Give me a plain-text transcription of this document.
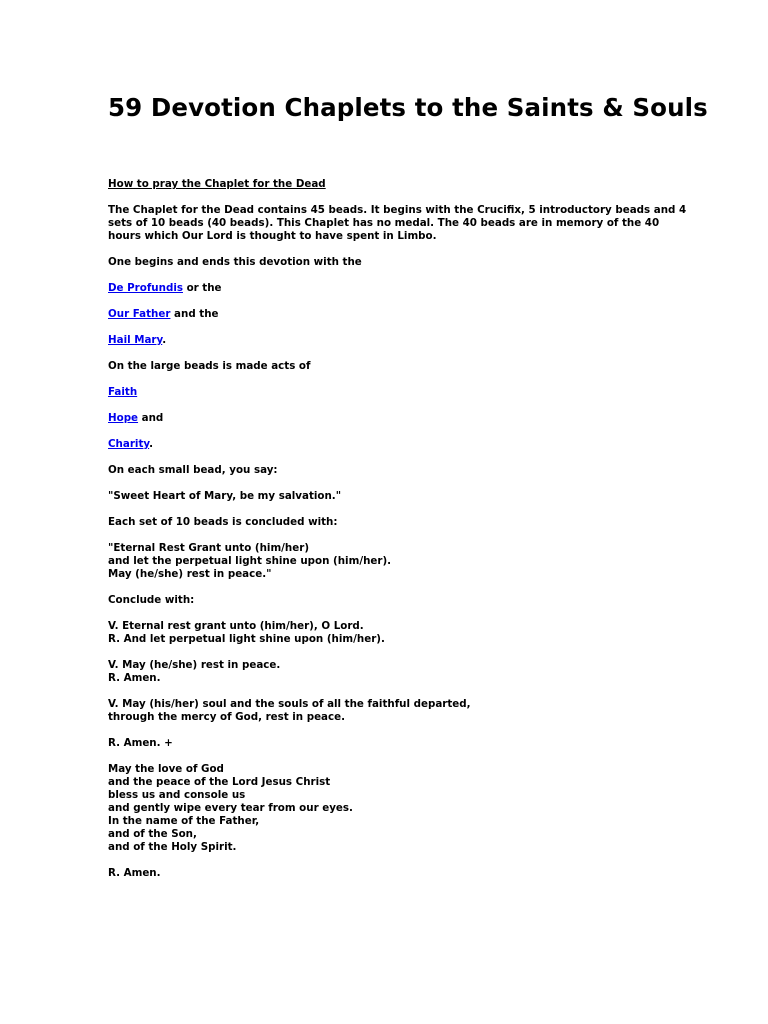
59 Devotion Chaplets to the Saints & Souls

How to pray the Chaplet for the Dead

The Chaplet for the Dead contains 45 beads. It begins with the Crucifix, 5 introductory beads and 4
sets of 10 beads (40 beads). This Chaplet has no medal. The 40 beads are in memory of the 40
hours which Our Lord is thought to have spent in Limbo.

One begins and ends this devotion with the

De Profundis or the

Our Father and the

Hail Mary.

On the large beads is made acts of

Faith

Hope and

Charity.

On each small bead, you say:

"Sweet Heart of Mary, be my salvation."

Each set of 10 beads is concluded with:

"Eternal Rest Grant unto (him/her)
and let the perpetual light shine upon (him/her).
May (he/she) rest in peace."

Conclude with:

V. Eternal rest grant unto (him/her), O Lord.
R. And let perpetual light shine upon (him/her).

V. May (he/she) rest in peace.
R. Amen.

V. May (his/her) soul and the souls of all the faithful departed,
through the mercy of God, rest in peace.

R. Amen. +

May the love of God
and the peace of the Lord Jesus Christ
bless us and console us
and gently wipe every tear from our eyes.
In the name of the Father,
and of the Son,
and of the Holy Spirit.

R. Amen.
